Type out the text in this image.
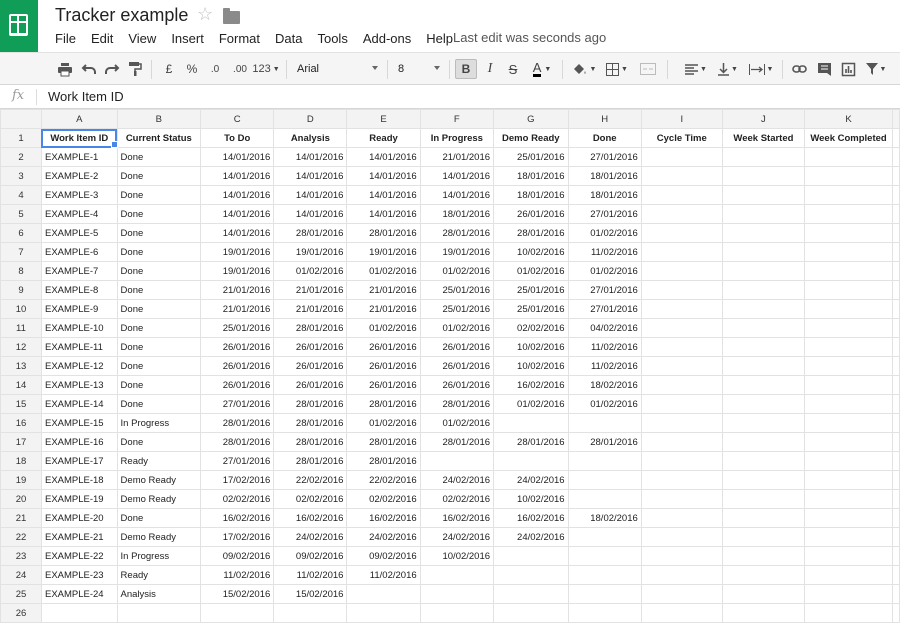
Tracker example ☆
File Edit View Insert Format Data Tools Add-ons Help Last edit was seconds ago
£	%	.0	.00 123 ▼ Arial	8	B	I	S	A ▼	▼	▼	▼	▼	▼	▼
fx Work Item ID
	A	B	C	D	E	F	G	H	I	J	K	
1	Work Item ID	Current Status	To Do	Analysis	Ready	In Progress	Demo Ready	Done	Cycle Time	Week Started	Week Completed	
2	EXAMPLE-1	Done	14/01/2016	14/01/2016	14/01/2016	21/01/2016	25/01/2016	27/01/2016				
3	EXAMPLE-2	Done	14/01/2016	14/01/2016	14/01/2016	14/01/2016	18/01/2016	18/01/2016				
4	EXAMPLE-3	Done	14/01/2016	14/01/2016	14/01/2016	14/01/2016	18/01/2016	18/01/2016				
5	EXAMPLE-4	Done	14/01/2016	14/01/2016	14/01/2016	18/01/2016	26/01/2016	27/01/2016				
6	EXAMPLE-5	Done	14/01/2016	28/01/2016	28/01/2016	28/01/2016	28/01/2016	01/02/2016				
7	EXAMPLE-6	Done	19/01/2016	19/01/2016	19/01/2016	19/01/2016	10/02/2016	11/02/2016				
8	EXAMPLE-7	Done	19/01/2016	01/02/2016	01/02/2016	01/02/2016	01/02/2016	01/02/2016				
9	EXAMPLE-8	Done	21/01/2016	21/01/2016	21/01/2016	25/01/2016	25/01/2016	27/01/2016				
10	EXAMPLE-9	Done	21/01/2016	21/01/2016	21/01/2016	25/01/2016	25/01/2016	27/01/2016				
11	EXAMPLE-10	Done	25/01/2016	28/01/2016	01/02/2016	01/02/2016	02/02/2016	04/02/2016				
12	EXAMPLE-11	Done	26/01/2016	26/01/2016	26/01/2016	26/01/2016	10/02/2016	11/02/2016				
13	EXAMPLE-12	Done	26/01/2016	26/01/2016	26/01/2016	26/01/2016	10/02/2016	11/02/2016				
14	EXAMPLE-13	Done	26/01/2016	26/01/2016	26/01/2016	26/01/2016	16/02/2016	18/02/2016				
15	EXAMPLE-14	Done	27/01/2016	28/01/2016	28/01/2016	28/01/2016	01/02/2016	01/02/2016				
16	EXAMPLE-15	In Progress	28/01/2016	28/01/2016	01/02/2016	01/02/2016						
17	EXAMPLE-16	Done	28/01/2016	28/01/2016	28/01/2016	28/01/2016	28/01/2016	28/01/2016				
18	EXAMPLE-17	Ready	27/01/2016	28/01/2016	28/01/2016							
19	EXAMPLE-18	Demo Ready	17/02/2016	22/02/2016	22/02/2016	24/02/2016	24/02/2016					
20	EXAMPLE-19	Demo Ready	02/02/2016	02/02/2016	02/02/2016	02/02/2016	10/02/2016					
21	EXAMPLE-20	Done	16/02/2016	16/02/2016	16/02/2016	16/02/2016	16/02/2016	18/02/2016				
22	EXAMPLE-21	Demo Ready	17/02/2016	24/02/2016	24/02/2016	24/02/2016	24/02/2016					
23	EXAMPLE-22	In Progress	09/02/2016	09/02/2016	09/02/2016	10/02/2016						
24	EXAMPLE-23	Ready	11/02/2016	11/02/2016	11/02/2016							
25	EXAMPLE-24	Analysis	15/02/2016	15/02/2016								
26												
